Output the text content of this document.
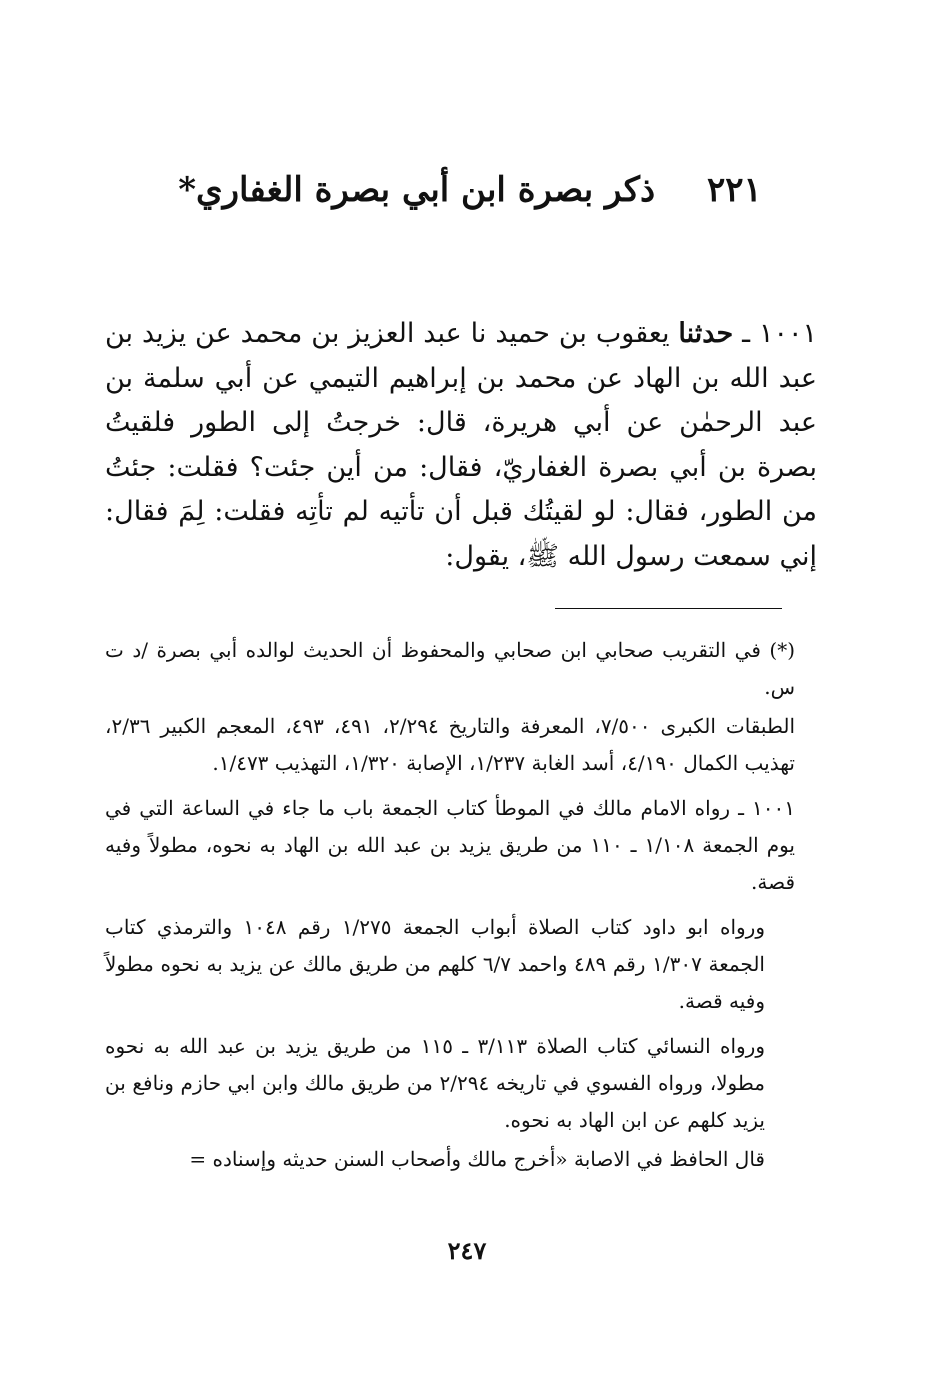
٢٢١ ذكر بصرة ابن أبي بصرة الغفاري*
١٠٠١ ـ حدثنا يعقوب بن حميد نا عبد العزيز بن محمد عن يزيد بن عبد الله بن الهاد عن محمد بن إبراهيم التيمي عن أبي سلمة بن عبد الرحمٰن عن أبي هريرة، قال: خرجتُ إلى الطور فلقيتُ بصرة بن أبي بصرة الغفاريّ، فقال: من أين جئت؟ فقلت: جئتُ من الطور، فقال: لو لقيتُك قبل أن تأتيه لم تأتِه فقلت: لِمَ فقال: إني سمعت رسول الله ﷺ، يقول:

(*) في التقريب صحابي ابن صحابي والمحفوظ أن الحديث لوالده أبي بصرة /د ت س.

الطبقات الكبرى ٧/٥٠٠، المعرفة والتاريخ ٢/٢٩٤، ٤٩١، ٤٩٣، المعجم الكبير ٢/٣٦، تهذيب الكمال ٤/١٩٠، أسد الغابة ١/٢٣٧، الإصابة ١/٣٢٠، التهذيب ١/٤٧٣.

١٠٠١ ـ رواه الامام مالك في الموطأ كتاب الجمعة باب ما جاء في الساعة التي في يوم الجمعة ١/١٠٨ ـ ١١٠ من طريق يزيد بن عبد الله بن الهاد به نحوه، مطولاً وفيه قصة.

ورواه ابو داود كتاب الصلاة أبواب الجمعة ١/٢٧٥ رقم ١٠٤٨ والترمذي كتاب الجمعة ١/٣٠٧ رقم ٤٨٩ واحمد ٦/٧ كلهم من طريق مالك عن يزيد به نحوه مطولاً وفيه قصة.

ورواه النسائي كتاب الصلاة ٣/١١٣ ـ ١١٥ من طريق يزيد بن عبد الله به نحوه مطولا، ورواه الفسوي في تاريخه ٢/٢٩٤ من طريق مالك وابن ابي حازم ونافع بن يزيد كلهم عن ابن الهاد به نحوه.

قال الحافظ في الاصابة «أخرج مالك وأصحاب السنن حديثه وإسناده =

٢٤٧
